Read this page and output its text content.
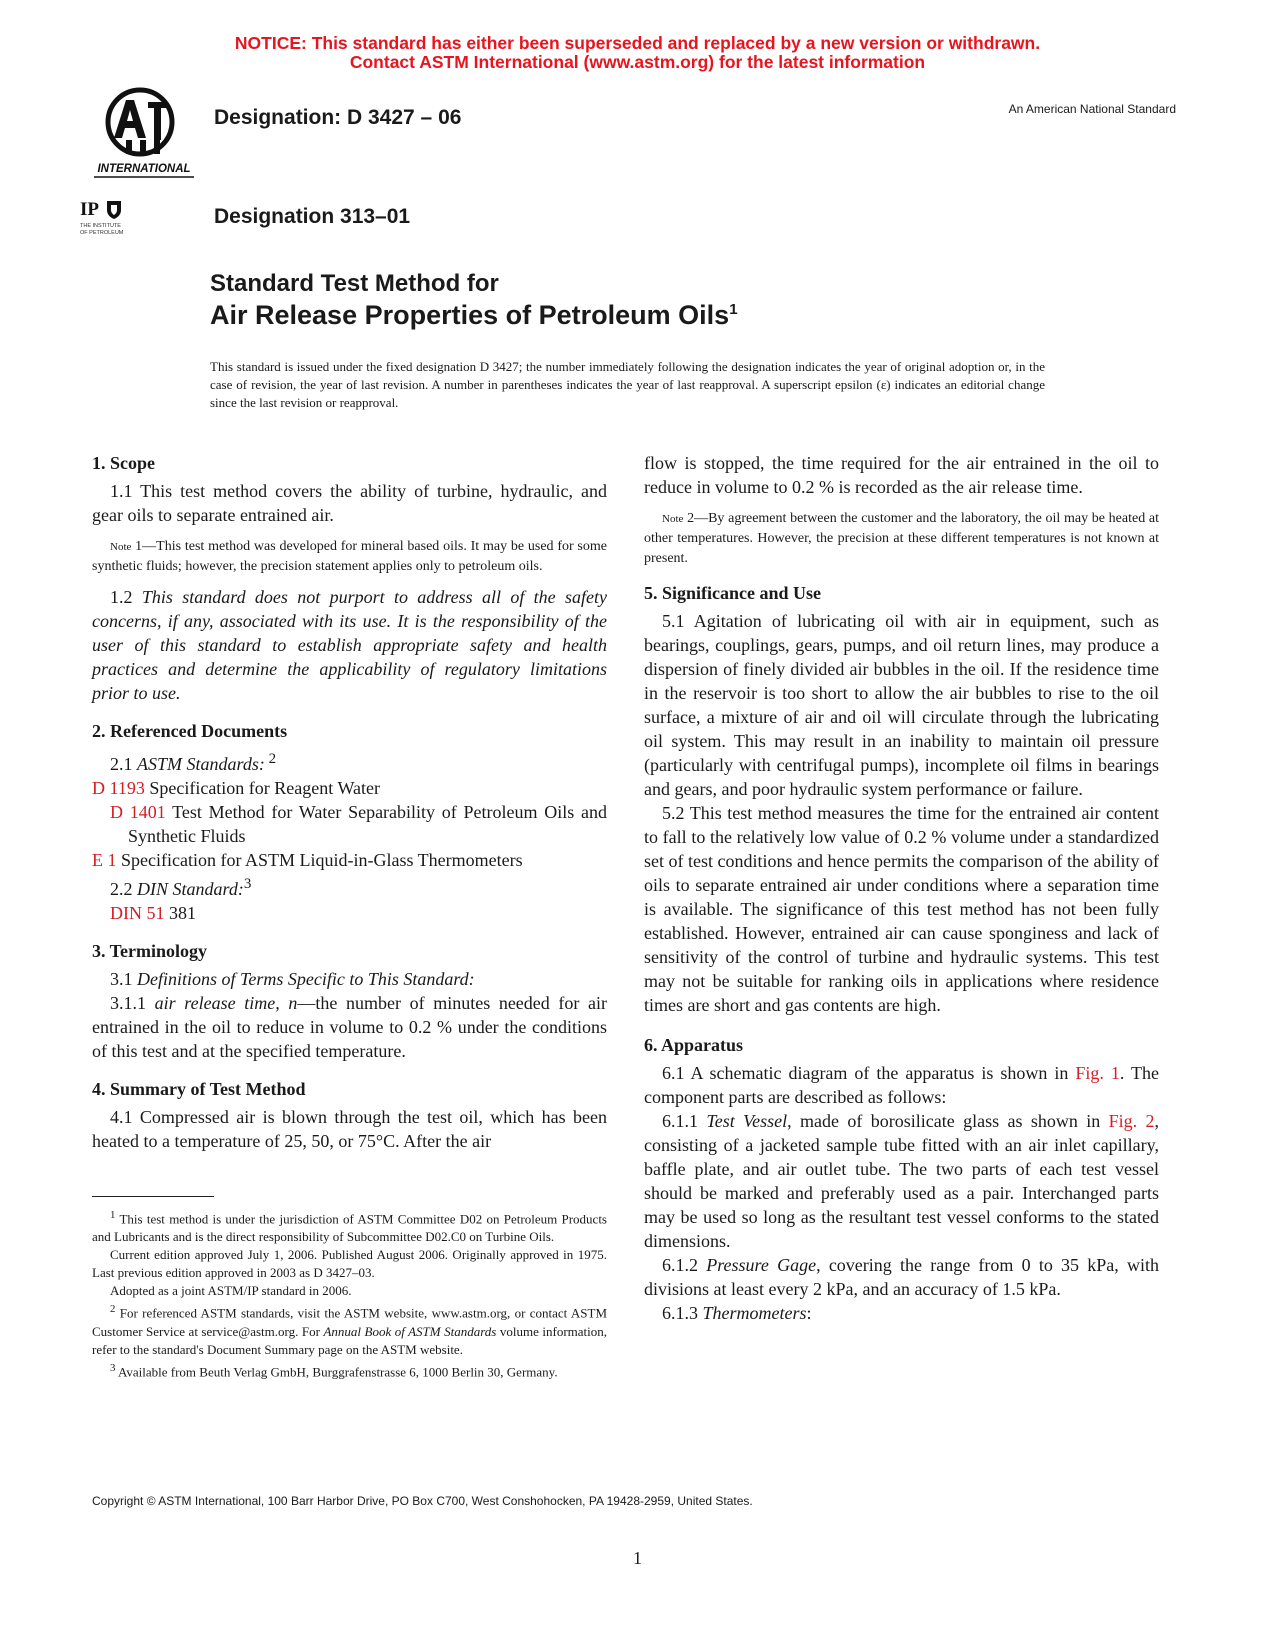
NOTICE: This standard has either been superseded and replaced by a new version or withdrawn.
Contact ASTM International (www.astm.org) for the latest information
INTERNATIONAL
Designation: D 3427 – 06	An American National Standard
IP
THE INSTITUTE
OF PETROLEUM
Designation 313–01
Standard Test Method for
Air Release Properties of Petroleum Oils$^1$
This standard is issued under the fixed designation D 3427; the number immediately following the designation indicates the year of original adoption or, in the case of revision, the year of last revision. A number in parentheses indicates the year of last reapproval. A superscript epsilon (ε) indicates an editorial change since the last revision or reapproval.
1. Scope

1.1 This test method covers the ability of turbine, hydraulic, and gear oils to separate entrained air.

Note 1—This test method was developed for mineral based oils. It may be used for some synthetic fluids; however, the precision statement applies only to petroleum oils.

1.2 This standard does not purport to address all of the safety concerns, if any, associated with its use. It is the responsibility of the user of this standard to establish appropriate safety and health practices and determine the applicability of regulatory limitations prior to use.

2. Referenced Documents

2.1 ASTM Standards: $^2$

D 1193 Specification for Reagent Water

D 1401 Test Method for Water Separability of Petroleum Oils and Synthetic Fluids

E 1 Specification for ASTM Liquid-in-Glass Thermometers

2.2 DIN Standard:$^3$

DIN 51 381

3. Terminology

3.1 Definitions of Terms Specific to This Standard:

3.1.1 air release time, n—the number of minutes needed for air entrained in the oil to reduce in volume to 0.2 % under the conditions of this test and at the specified temperature.

4. Summary of Test Method

4.1 Compressed air is blown through the test oil, which has been heated to a temperature of 25, 50, or 75°C. After the air

flow is stopped, the time required for the air entrained in the oil to reduce in volume to 0.2 % is recorded as the air release time.

Note 2—By agreement between the customer and the laboratory, the oil may be heated at other temperatures. However, the precision at these different temperatures is not known at present.

5. Significance and Use

5.1 Agitation of lubricating oil with air in equipment, such as bearings, couplings, gears, pumps, and oil return lines, may produce a dispersion of finely divided air bubbles in the oil. If the residence time in the reservoir is too short to allow the air bubbles to rise to the oil surface, a mixture of air and oil will circulate through the lubricating oil system. This may result in an inability to maintain oil pressure (particularly with centrifugal pumps), incomplete oil films in bearings and gears, and poor hydraulic system performance or failure.

5.2 This test method measures the time for the entrained air content to fall to the relatively low value of 0.2 % volume under a standardized set of test conditions and hence permits the comparison of the ability of oils to separate entrained air under conditions where a separation time is available. The significance of this test method has not been fully established. However, entrained air can cause sponginess and lack of sensitivity of the control of turbine and hydraulic systems. This test may not be suitable for ranking oils in applications where residence times are short and gas contents are high.

6. Apparatus

6.1 A schematic diagram of the apparatus is shown in Fig. 1. The component parts are described as follows:

6.1.1 Test Vessel, made of borosilicate glass as shown in Fig. 2, consisting of a jacketed sample tube fitted with an air inlet capillary, baffle plate, and air outlet tube. The two parts of each test vessel should be marked and preferably used as a pair. Interchanged parts may be used so long as the resultant test vessel conforms to the stated dimensions.

6.1.2 Pressure Gage, covering the range from 0 to 35 kPa, with divisions at least every 2 kPa, and an accuracy of 1.5 kPa.

6.1.3 Thermometers:

$^1$ This test method is under the jurisdiction of ASTM Committee D02 on Petroleum Products and Lubricants and is the direct responsibility of Subcommittee D02.C0 on Turbine Oils.

Current edition approved July 1, 2006. Published August 2006. Originally approved in 1975. Last previous edition approved in 2003 as D 3427–03.

Adopted as a joint ASTM/IP standard in 2006.

$^2$ For referenced ASTM standards, visit the ASTM website, www.astm.org, or contact ASTM Customer Service at service@astm.org. For Annual Book of ASTM Standards volume information, refer to the standard's Document Summary page on the ASTM website.

$^3$ Available from Beuth Verlag GmbH, Burggrafenstrasse 6, 1000 Berlin 30, Germany.

Copyright © ASTM International, 100 Barr Harbor Drive, PO Box C700, West Conshohocken, PA 19428-2959, United States.
1
